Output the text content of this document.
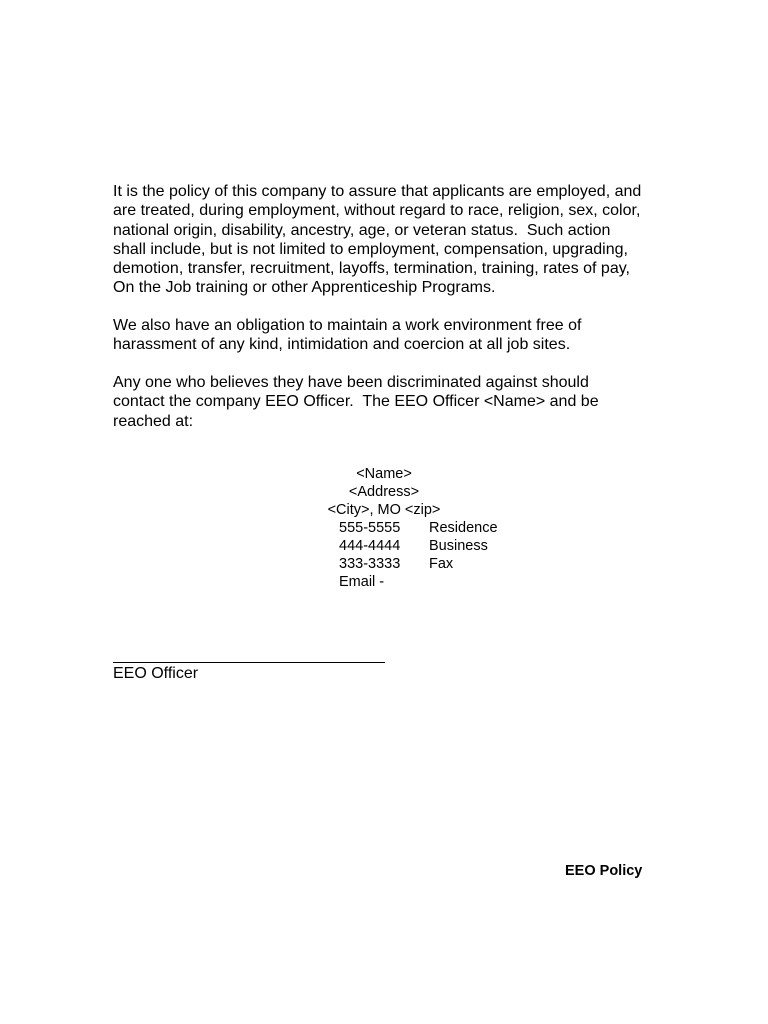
It is the policy of this company to assure that applicants are employed, and
are treated, during employment, without regard to race, religion, sex, color,
national origin, disability, ancestry, age, or veteran status.  Such action
shall include, but is not limited to employment, compensation, upgrading,
demotion, transfer, recruitment, layoffs, termination, training, rates of pay,
On the Job training or other Apprenticeship Programs.
We also have an obligation to maintain a work environment free of
harassment of any kind, intimidation and coercion at all job sites.
Any one who believes they have been discriminated against should
contact the company EEO Officer.  The EEO Officer <Name> and be
reached at:
<Name>
<Address>
<City>, MO <zip>
555-5555	Residence
444-4444	Business
333-3333	Fax
Email -
EEO Officer
EEO Policy
